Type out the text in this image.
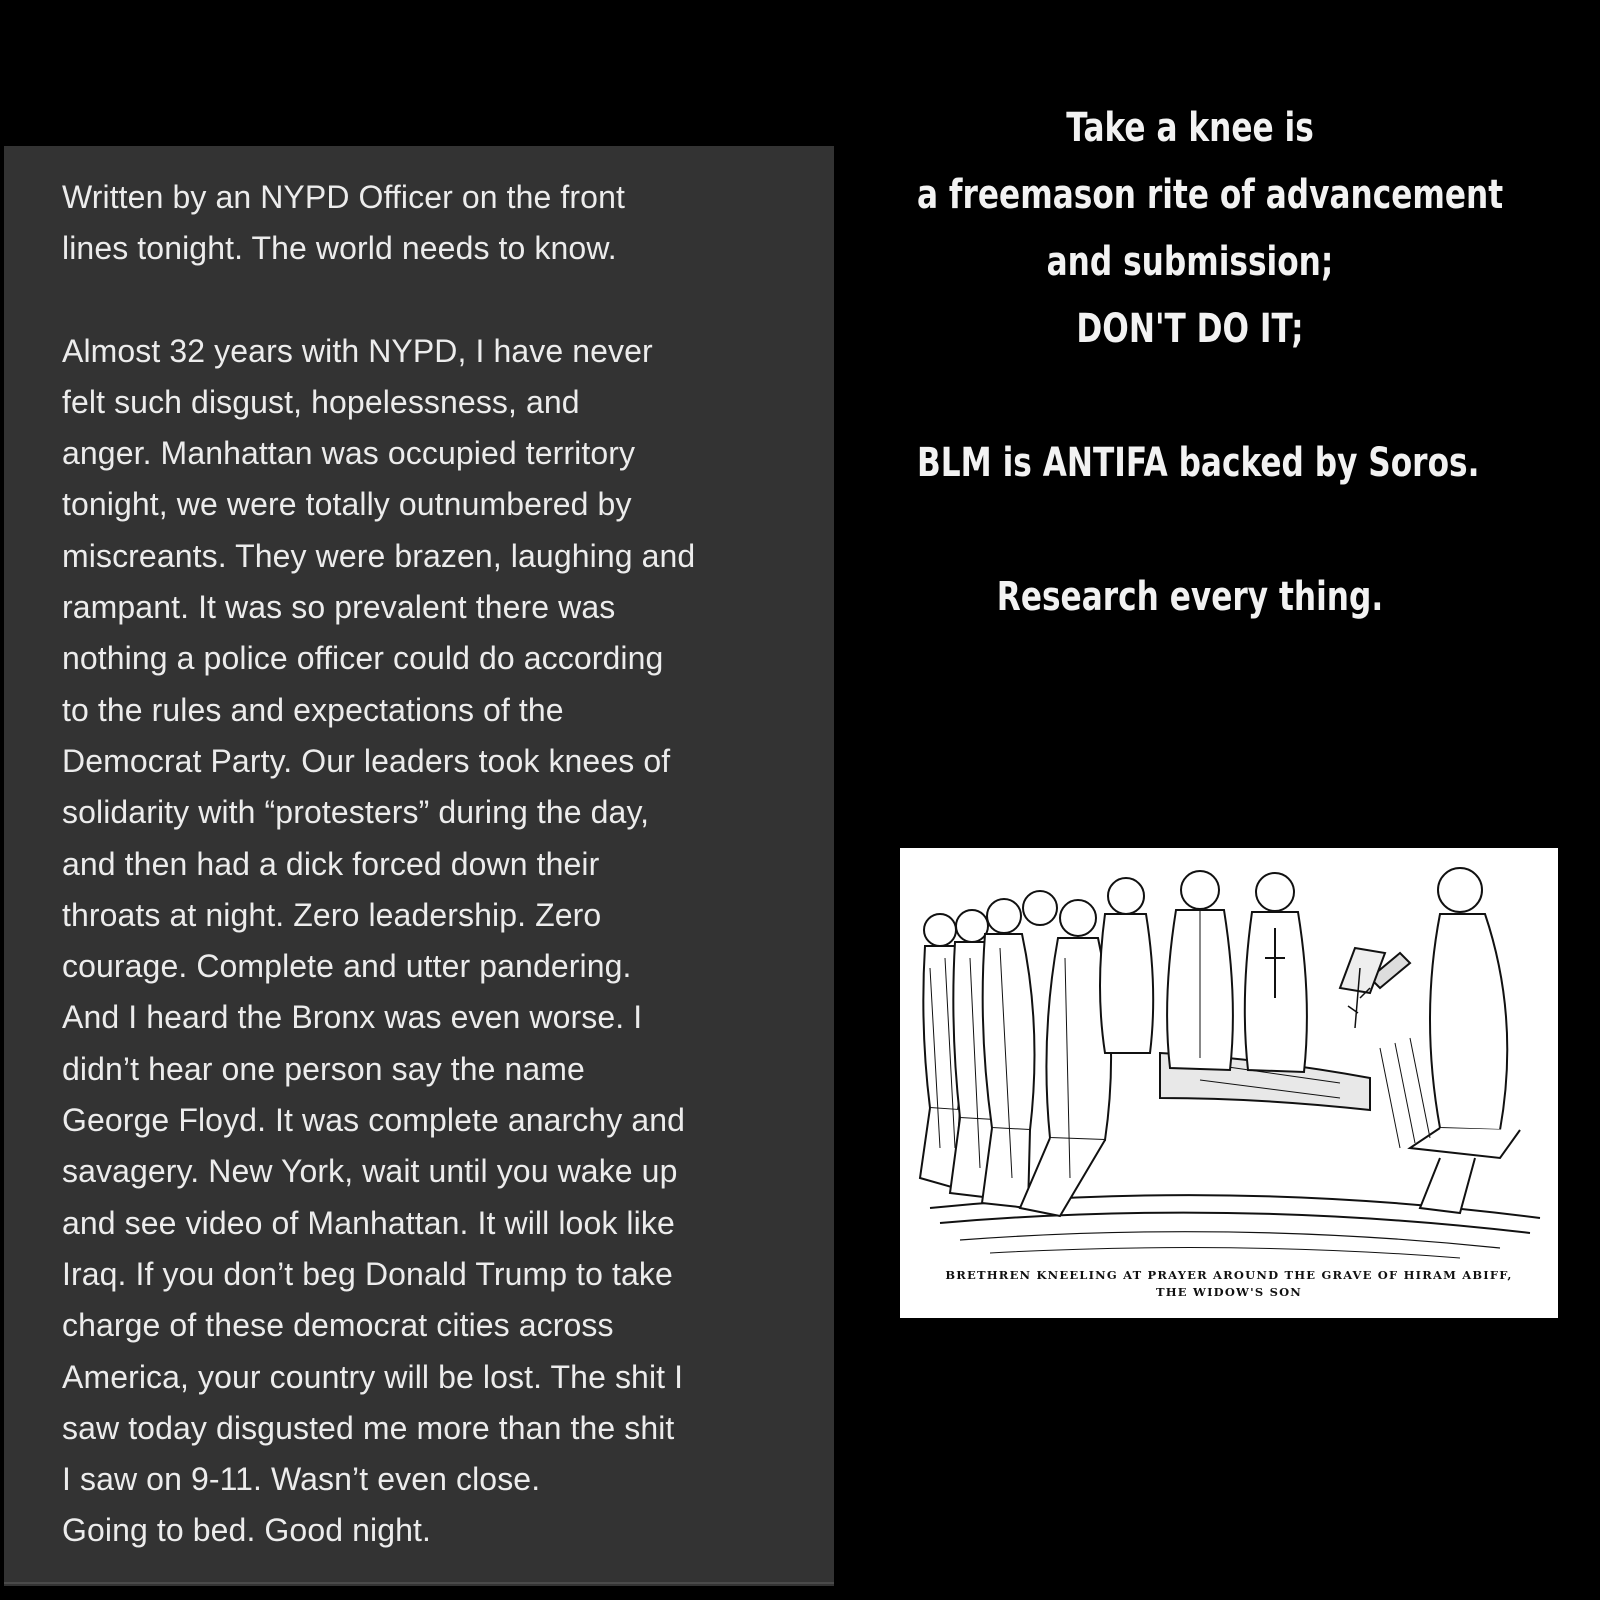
Written by an NYPD Officer on the front

lines tonight. The world needs to know.

Almost 32 years with NYPD, I have never

felt such disgust, hopelessness, and

anger. Manhattan was occupied territory

tonight, we were totally outnumbered by

miscreants. They were brazen, laughing and

rampant. It was so prevalent there was

nothing a police officer could do according

to the rules and expectations of the

Democrat Party. Our leaders took knees of

solidarity with “protesters” during the day,

and then had a dick forced down their

throats at night. Zero leadership. Zero

courage. Complete and utter pandering.

And I heard the Bronx was even worse. I

didn’t hear one person say the name

George Floyd. It was complete anarchy and

savagery. New York, wait until you wake up

and see video of Manhattan. It will look like

Iraq. If you don’t beg Donald Trump to take

charge of these democrat cities across

America, your country will be lost. The shit I

saw today disgusted me more than the shit

I saw on 9-11. Wasn’t even close.

Going to bed. Good night.

Take a knee is

a freemason rite of advancement

and submission;

DON'T DO IT;

BLM is ANTIFA backed by Soros.

Research every thing.

BRETHREN KNEELING AT PRAYER AROUND THE GRAVE OF HIRAM ABIFF,
THE WIDOW'S SON
